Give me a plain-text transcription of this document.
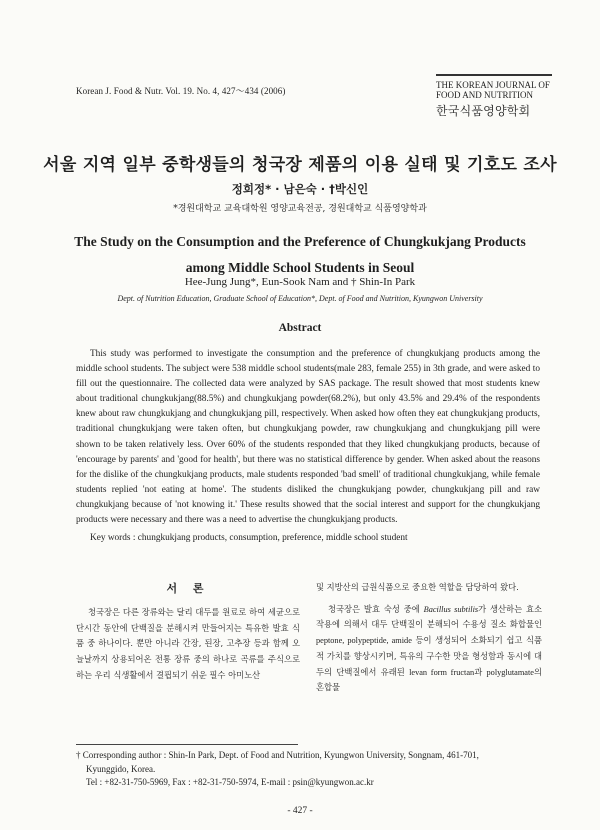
Korean J. Food & Nutr. Vol. 19. No. 4, 427～434 (2006)
THE KOREAN JOURNAL OF
FOOD AND NUTRITION
한국식품영양학회
서울 지역 일부 중학생들의 청국장 제품의 이용 실태 및 기호도 조사
정희정* · 남은숙 · †박신인
*경원대학교 교육대학원 영양교육전공, 경원대학교 식품영양학과
The Study on the Consumption and the Preference of Chungkukjang Products among Middle School Students in Seoul
Hee-Jung Jung*, Eun-Sook Nam and † Shin-In Park
Dept. of Nutrition Education, Graduate School of Education*, Dept. of Food and Nutrition, Kyungwon University
Abstract

This study was performed to investigate the consumption and the preference of chungkukjang products among the middle school students. The subject were 538 middle school students(male 283, female 255) in 3th grade, and were asked to fill out the questionnaire. The collected data were analyzed by SAS package. The result showed that most students knew about traditional chungkukjang(88.5%) and chungkukjang powder(68.2%), but only 43.5% and 29.4% of the respondents knew about raw chungkukjang and chungkukjang pill, respectively. When asked how often they eat chungkukjang products, traditional chungkukjang were taken often, but chungkukjang powder, raw chungkukjang and chungkukjang pill were shown to be taken relatively less. Over 60% of the students responded that they liked chungkukjang products, because of 'encourage by parents' and 'good for health', but there was no statistical difference by gender. When asked about the reasons for the dislike of the chungkukjang products, male students responded 'bad smell' of traditional chungkukjang, while female students replied 'not eating at home'. The students disliked the chungkukjang powder, chungkukjang pill and raw chungkukjang because of 'not knowing it.' These results showed that the social interest and support for the chungkukjang products were necessary and there was a need to advertise the chungkukjang products.

Key words : chungkukjang products, consumption, preference, middle school student
서 론

청국장은 다른 장류와는 달리 대두를 원료로 하여 세균으로 단시간 동안에 단백질을 분해시켜 만들어지는 특유한 발효 식품 중 하나이다. 뿐만 아니라 간장, 된장, 고추장 등과 함께 오늘날까지 상용되어온 전통 장류 중의 하나로 곡류를 주식으로 하는 우리 식생활에서 결핍되기 쉬운 필수 아미노산

및 지방산의 급원식품으로 중요한 역할을 담당하여 왔다.

청국장은 발효 숙성 중에 Bacillus subtilis가 생산하는 효소 작용에 의해서 대두 단백질이 분해되어 수용성 질소 화합물인 peptone, polypeptide, amide 등이 생성되어 소화되기 쉽고 식품적 가치를 향상시키며, 특유의 구수한 맛을 형성함과 동시에 대두의 단백질에서 유래된 levan form fructan과 polyglutamate의 혼합물

† Corresponding author : Shin-In Park, Dept. of Food and Nutrition, Kyungwon University, Songnam, 461-701,
Kyunggido, Korea.
Tel : +82-31-750-5969, Fax : +82-31-750-5974, E-mail : psin@kyungwon.ac.kr
- 427 -
